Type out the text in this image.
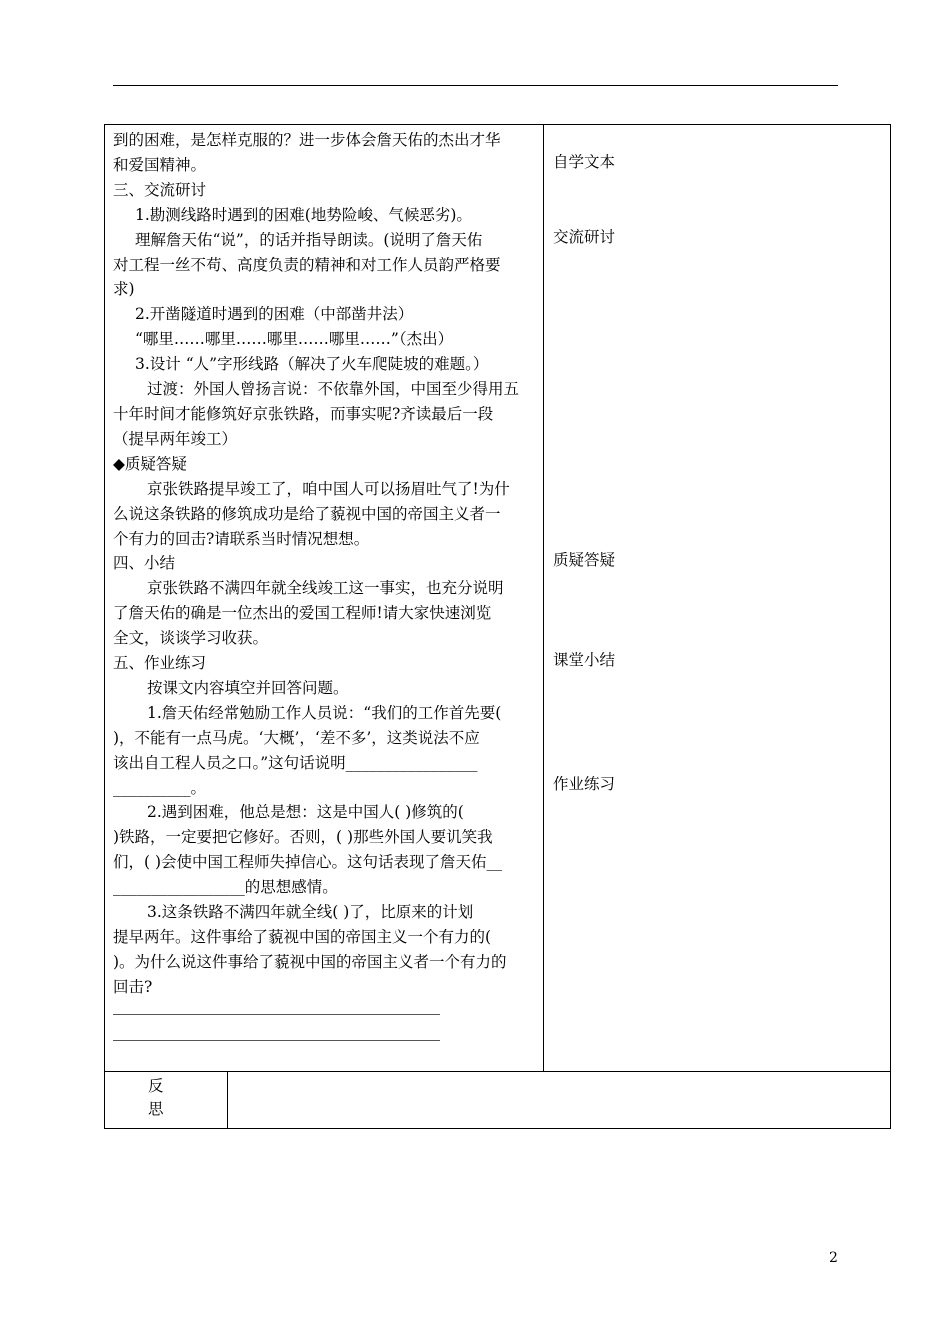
到的困难，是怎样克服的？进一步体会詹天佑的杰出才华
和爱国精神。
三、交流研讨
1.勘测线路时遇到的困难(地势险峻、气候恶劣)。
理解詹天佑“说”，的话并指导朗读。(说明了詹天佑
对工程一丝不苟、高度负责的精神和对工作人员韵严格要
求)
2.开凿隧道时遇到的困难（中部凿井法）
“哪里……哪里……哪里……哪里……”（杰出）
3.设计 “人”字形线路（解决了火车爬陡坡的难题。）
过渡：外国人曾扬言说：不依靠外国，中国至少得用五
十年时间才能修筑好京张铁路，而事实呢?齐读最后一段
（提早两年竣工）
◆质疑答疑
京张铁路提早竣工了，咱中国人可以扬眉吐气了!为什
么说这条铁路的修筑成功是给了藐视中国的帝国主义者一
个有力的回击?请联系当时情况想想。
四、小结
京张铁路不满四年就全线竣工这一事实，也充分说明
了詹天佑的确是一位杰出的爱国工程师!请大家快速浏览
全文，谈谈学习收获。
五、作业练习
按课文内容填空并回答问题。
1.詹天佑经常勉励工作人员说：“我们的工作首先要(
)，不能有一点马虎。‘大概’，‘差不多’，这类说法不应
该出自工程人员之口。”这句话说明_________________
__________。
2.遇到困难，他总是想：这是中国人( )修筑的(
)铁路，一定要把它修好。否则，( )那些外国人要讥笑我
们，( )会使中国工程师失掉信心。这句话表现了詹天佑__
_________________的思想感情。
3.这条铁路不满四年就全线( )了，比原来的计划
提早两年。这件事给了藐视中国的帝国主义一个有力的(
)。为什么说这件事给了藐视中国的帝国主义者一个有力的
回击?
自学文本
交流研讨
质疑答疑
课堂小结
作业练习
反
思
2
